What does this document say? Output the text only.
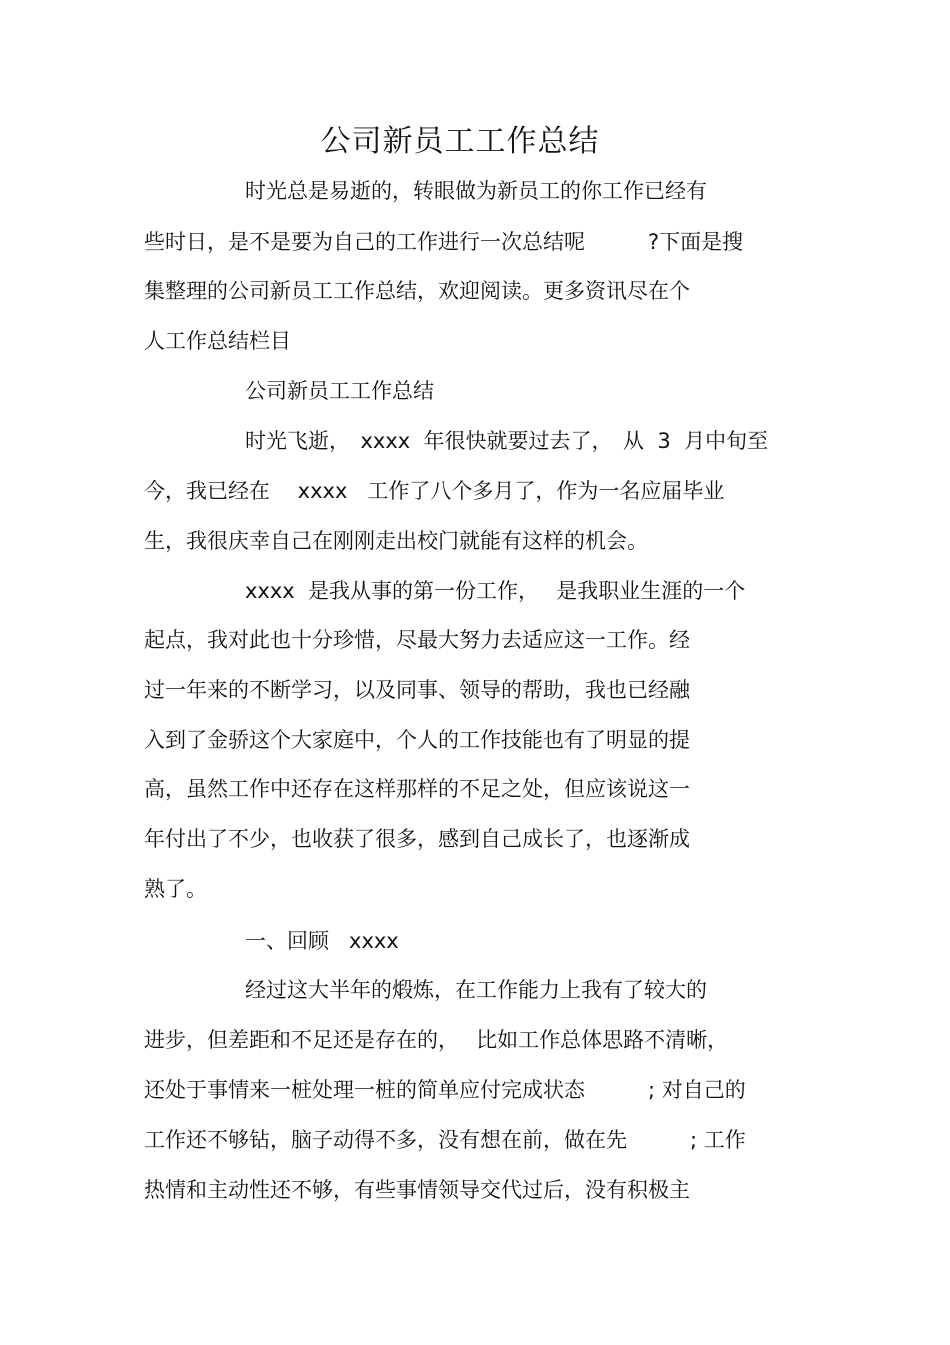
公司新员工工作总结
时光总是易逝的，转眼做为新员工的你工作已经有
些时日，是不是要为自己的工作进行一次总结呢　　　?下面是搜
集整理的公司新员工工作总结，欢迎阅读。更多资讯尽在个
人工作总结栏目
公司新员工工作总结
时光飞逝，　xxxx  年很快就要过去了，　从  3  月中旬至
今，我已经在　 xxxx   工作了八个多月了，作为一名应届毕业
生，我很庆幸自己在刚刚走出校门就能有这样的机会。
xxxx  是我从事的第一份工作，　 是我职业生涯的一个
起点，我对此也十分珍惜，尽最大努力去适应这一工作。经
过一年来的不断学习，以及同事、领导的帮助，我也已经融
入到了金骄这个大家庭中，个人的工作技能也有了明显的提
高，虽然工作中还存在这样那样的不足之处，但应该说这一
年付出了不少，也收获了很多，感到自己成长了，也逐渐成
熟了。
一、回顾   xxxx
经过这大半年的煅炼，在工作能力上我有了较大的
进步，但差距和不足还是存在的，　 比如工作总体思路不清晰，
还处于事情来一桩处理一桩的简单应付完成状态　　　; 对自己的
工作还不够钻，脑子动得不多，没有想在前，做在先　　　; 工作
热情和主动性还不够，有些事情领导交代过后，没有积极主
